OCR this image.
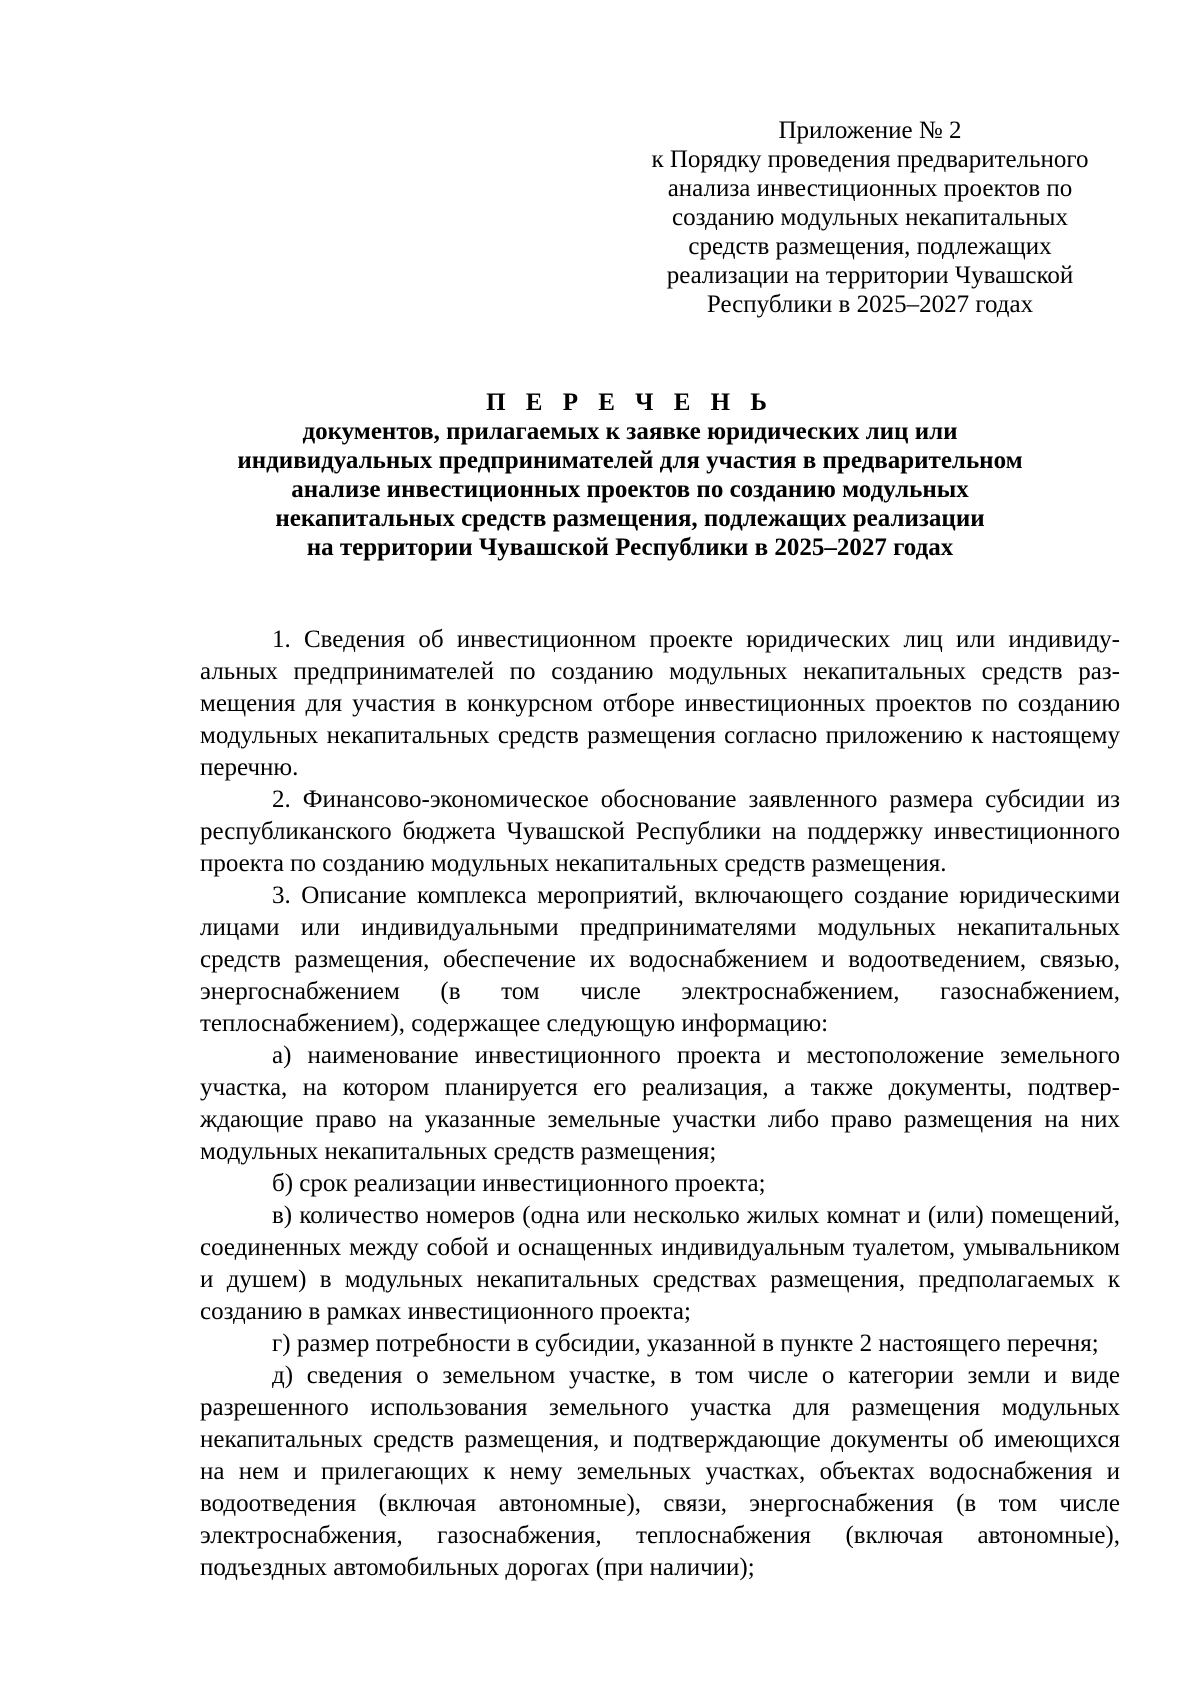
Приложение № 2
к Порядку проведения предварительного
анализа инвестиционных проектов по
созданию модульных некапитальных
средств размещения, подлежащих
реализации на территории Чувашской
Республики в 2025–2027 годах
П Е Р Е Ч Е Н Ь
документов, прилагаемых к заявке юридических лиц или
индивидуальных предпринимателей для участия в предварительном
анализе инвестиционных проектов по созданию модульных
некапитальных средств размещения, подлежащих реализации
на территории Чувашской Республики в 2025–2027 годах

1. Сведения об инвестиционном проекте юридических лиц или индивидуальных предпринимателей по созданию модульных некапитальных средств размещения для участия в конкурсном отборе инвестиционных проектов по созданию модульных некапитальных средств размещения согласно приложению к настоящему перечню.

2. Финансово-экономическое обоснование заявленного размера субсидии из республиканского бюджета Чувашской Республики на поддержку инвестиционного проекта по созданию модульных некапитальных средств размещения.

3. Описание комплекса мероприятий, включающего создание юридическими лицами или индивидуальными предпринимателями модульных некапитальных средств размещения, обеспечение их водоснабжением и водоотведением, связью, энергоснабжением (в том числе электроснабжением, газоснабжением, теплоснабжением), содержащее следующую информацию:

а) наименование инвестиционного проекта и местоположение земельного участка, на котором планируется его реализация, а также документы, подтверждающие право на указанные земельные участки либо право размещения на них модульных некапитальных средств размещения;

б) срок реализации инвестиционного проекта;

в) количество номеров (одна или несколько жилых комнат и (или) помещений, соединенных между собой и оснащенных индивидуальным туалетом, умывальником и душем) в модульных некапитальных средствах размещения, предполагаемых к созданию в рамках инвестиционного проекта;

г) размер потребности в субсидии, указанной в пункте 2 настоящего перечня;

д) сведения о земельном участке, в том числе о категории земли и виде разрешенного использования земельного участка для размещения модульных некапитальных средств размещения, и подтверждающие документы об имеющихся на нем и прилегающих к нему земельных участках, объектах водоснабжения и водоотведения (включая автономные), связи, энергоснабжения (в том числе электроснабжения, газоснабжения, теплоснабжения (включая автономные), подъездных автомобильных дорогах (при наличии);
